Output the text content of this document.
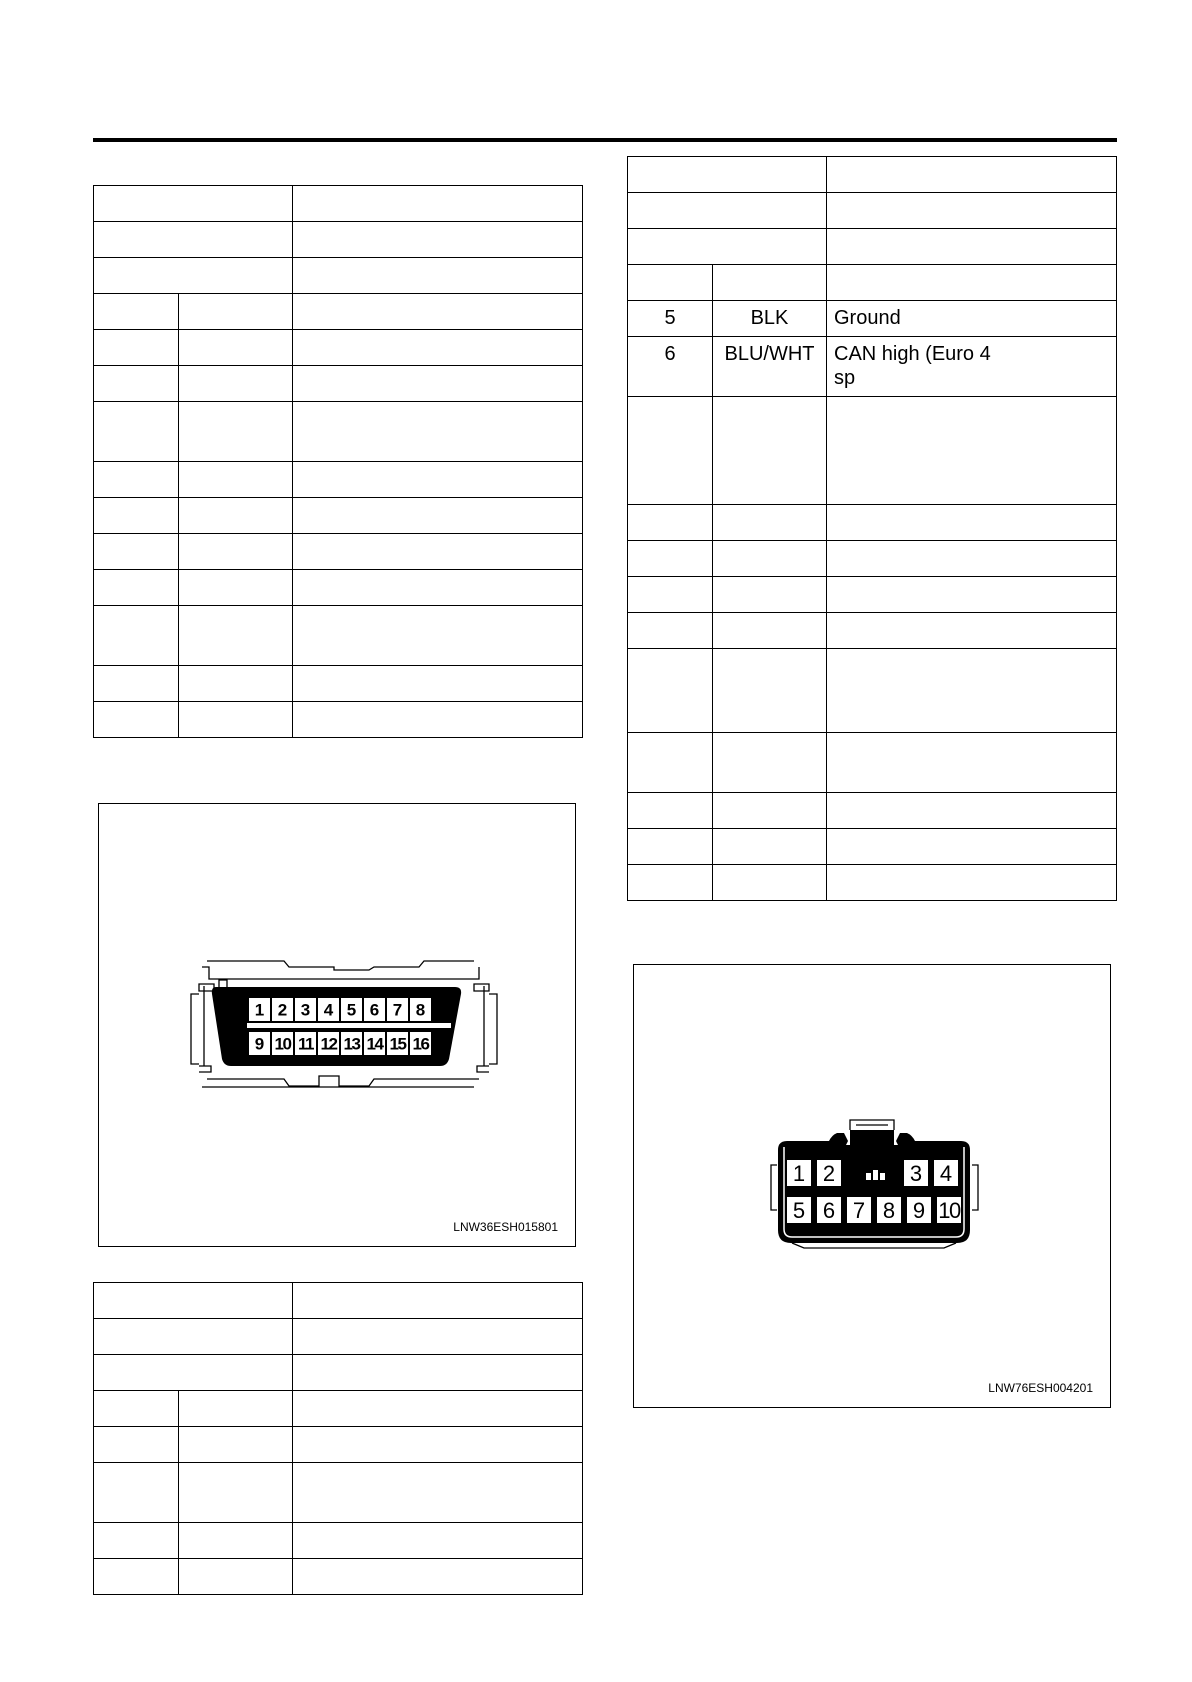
1 2 3 4 5 6 7 8
9 10 11 12 13 14 15 16
LNW36ESH015801

5	BLK	Ground
6	BLU/WHT	CAN high (Euro 4
sp

1 2	3 4
5 6 7 8 9 10
LNW76ESH004201
